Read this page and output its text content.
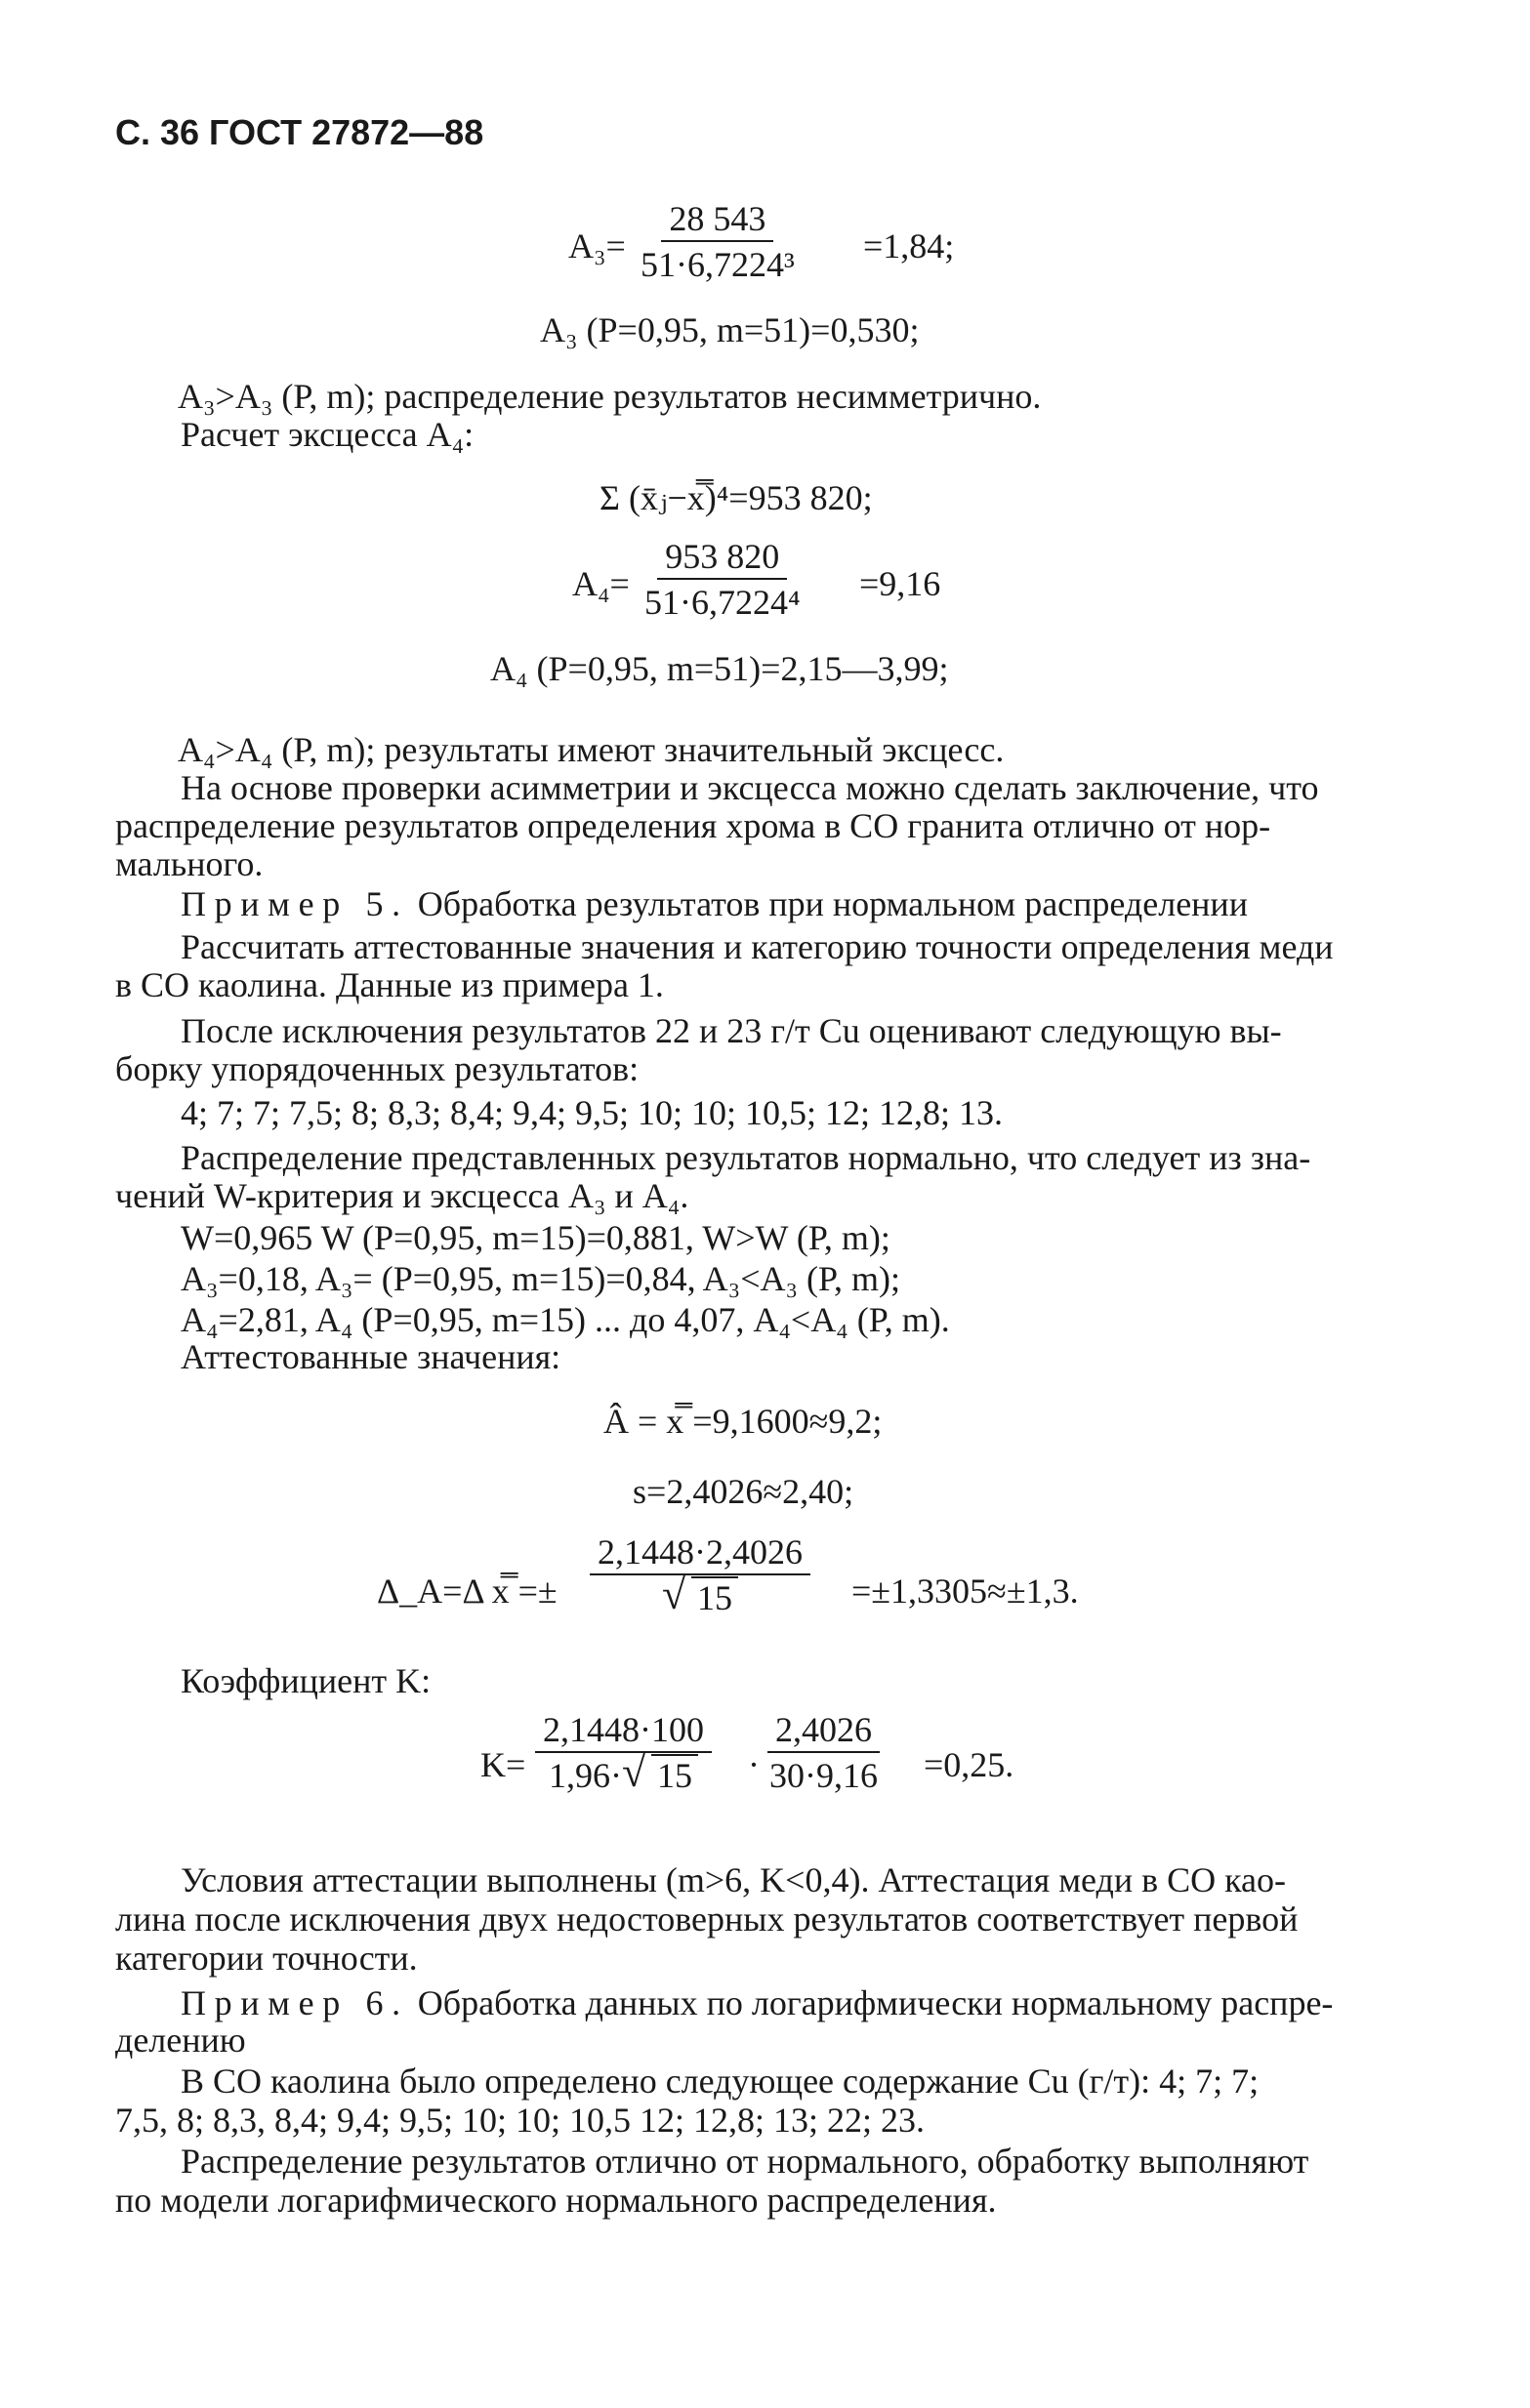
С. 36 ГОСТ 27872—88
$A_3= \frac{28 543}{\text{51·6,7224³}} =1,84$;
A₃ (P=0,95, m=51)=0,530;
A₃>A₃ (P, m); распределение результатов несимметрично.
Расчет эксцесса A₄:
Σ (x̄ⱼ−x̿)⁴=953 820;
$A_4= \frac{953 820}{\text{51·6,7224⁴}} =9,16$
A₄ (P=0,95, m=51)=2,15—3,99;
A₄>A₄ (P, m); результаты имеют значительный эксцесс.
На основе проверки асимметрии и эксцесса можно сделать заключение, что
распределение результатов определения хрома в СО гранита отлично от нор-
мального.
Пример 5. Обработка результатов при нормальном распределении
Рассчитать аттестованные значения и категорию точности определения меди
в СО каолина. Данные из примера 1.
После исключения результатов 22 и 23 г/т Cu оценивают следующую вы-
борку упорядоченных результатов:
4; 7; 7; 7,5; 8; 8,3; 8,4; 9,4; 9,5; 10; 10; 10,5; 12; 12,8; 13.
Распределение представленных результатов нормально, что следует из зна-
чений W-критерия и эксцесса A₃ и A₄.
W=0,965 W (P=0,95, m=15)=0,881, W>W (P, m);
A₃=0,18, A₃= (P=0,95, m=15)=0,84, A₃<A₃ (P, m);
A₄=2,81, A₄ (P=0,95, m=15) ... до 4,07, A₄<A₄ (P, m).
Аттестованные значения:
Â = x̿ =9,1600≈9,2;
s=2,4026≈2,40;
Δ_A=Δ x̿ =± $\frac{2,1448\cdot 2,4026}{√ 15} =\pm 1,3305\approx\pm 1,3$.
Коэффициент K:
$K= \frac{2,1448\cdot 100}{1,96\cdot √ 15} \cdot \frac{2,4026}{30\cdot 9,16} =0,25$.
Условия аттестации выполнены (m>6, K<0,4). Аттестация меди в СО као-
лина после исключения двух недостоверных результатов соответствует первой
категории точности.
Пример 6. Обработка данных по логарифмически нормальному распре-
делению
В СО каолина было определено следующее содержание Cu (г/т): 4; 7; 7;
7,5, 8; 8,3, 8,4; 9,4; 9,5; 10; 10; 10,5 12; 12,8; 13; 22; 23.
Распределение результатов отлично от нормального, обработку выполняют
по модели логарифмического нормального распределения.
